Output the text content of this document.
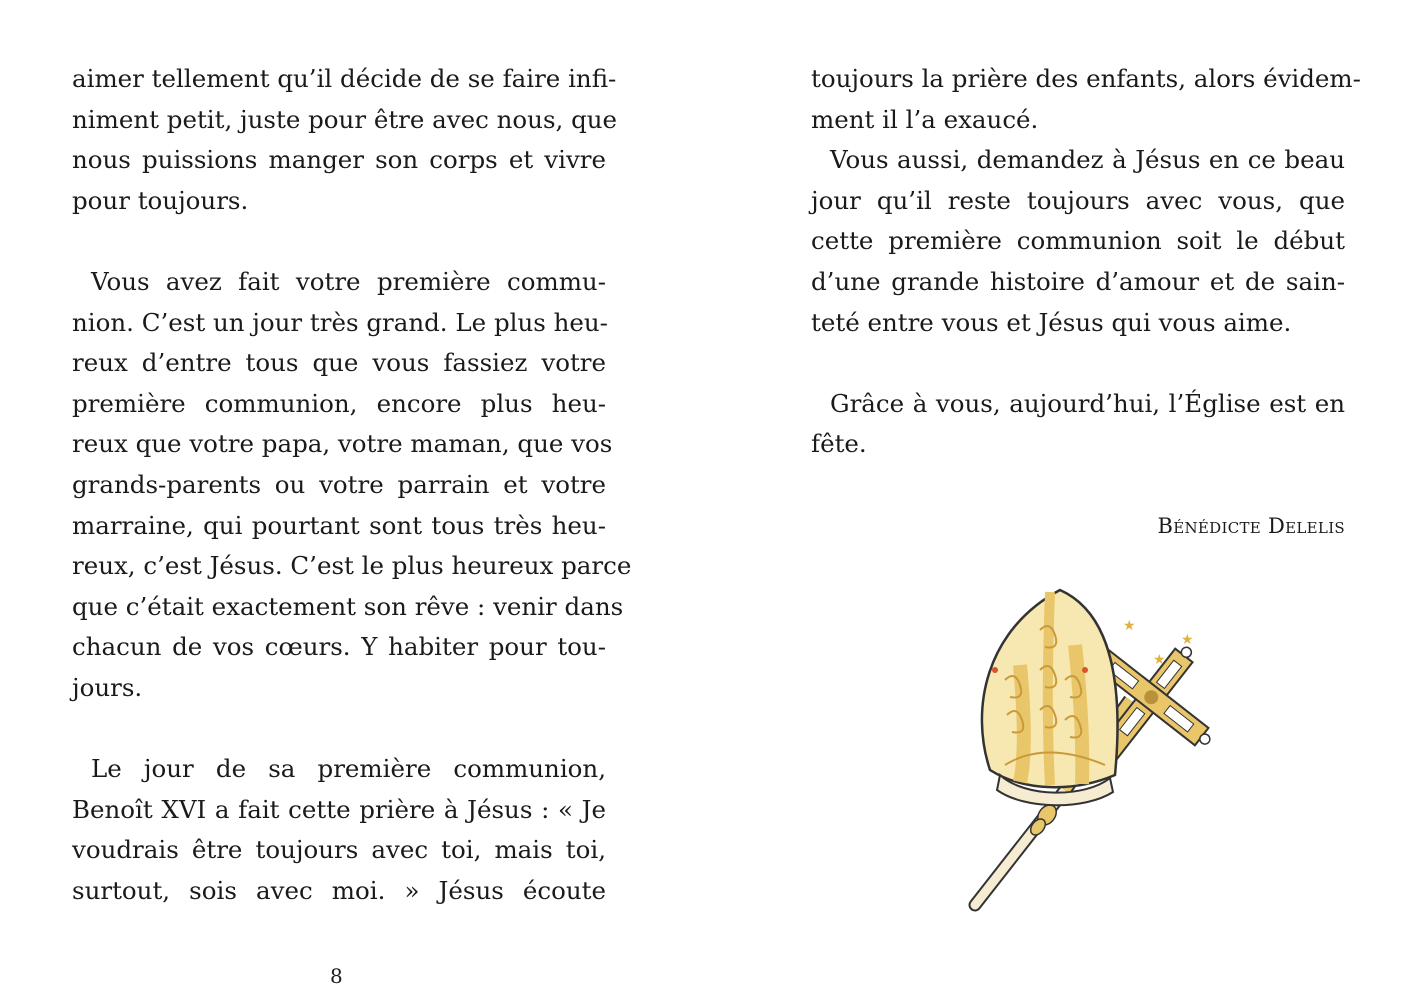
aimer tellement qu’il décide de se faire infi-
niment petit, juste pour être avec nous, que
nous puissions manger son corps et vivre
pour toujours.
Vous avez fait votre première commu-
nion. C’est un jour très grand. Le plus heu-
reux d’entre tous que vous fassiez votre
première communion, encore plus heu-
reux que votre papa, votre maman, que vos
grands-parents ou votre parrain et votre
marraine, qui pourtant sont tous très heu-
reux, c’est Jésus. C’est le plus heureux parce
que c’était exactement son rêve : venir dans
chacun de vos cœurs. Y habiter pour tou-
jours.
Le jour de sa première communion,
Benoît XVI a fait cette prière à Jésus : « Je
voudrais être toujours avec toi, mais toi,
surtout, sois avec moi. » Jésus écoute
8
toujours la prière des enfants, alors évidem-
ment il l’a exaucé.
Vous aussi, demandez à Jésus en ce beau
jour qu’il reste toujours avec vous, que
cette première communion soit le début
d’une grande histoire d’amour et de sain-
teté entre vous et Jésus qui vous aime.
Grâce à vous, aujourd’hui, l’Église est en
fête.
Bénédicte Delelis
★
★
★
